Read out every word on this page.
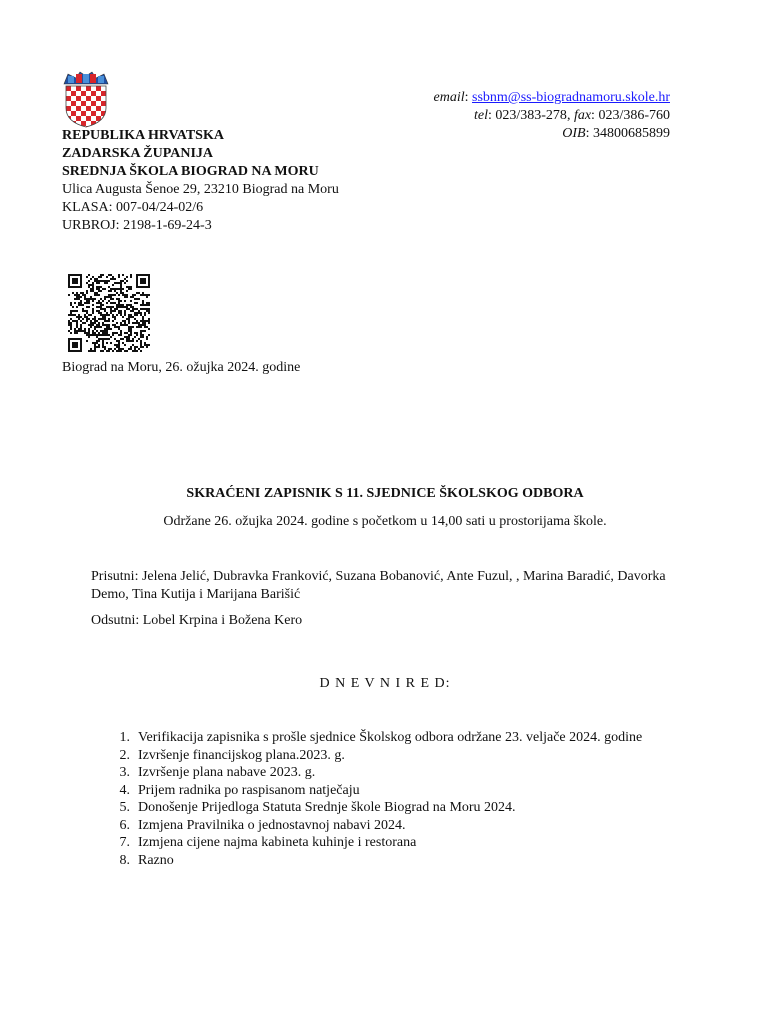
REPUBLIKA HRVATSKA
ZADARSKA ŽUPANIJA
SREDNJA ŠKOLA BIOGRAD NA MORU
Ulica Augusta Šenoe 29, 23210 Biograd na Moru
KLASA: 007-04/24-02/6
URBROJ: 2198-1-69-24-3
email: ssbnm@ss-biogradnamoru.skole.hr
tel: 023/383-278, fax: 023/386-760
OIB: 34800685899
Biograd na Moru, 26. ožujka 2024. godine
SKRAĆENI ZAPISNIK S 11. SJEDNICE ŠKOLSKOG ODBORA
Održane 26. ožujka 2024. godine s početkom u 14,00 sati u prostorijama škole.
Prisutni: Jelena Jelić, Dubravka Franković, Suzana Bobanović, Ante Fuzul, , Marina Baradić, Davorka Demo, Tina Kutija i Marijana Barišić
Odsutni: Lobel Krpina i Božena Kero
D N E V N I R E D:
1. Verifikacija zapisnika s prošle sjednice Školskog odbora održane 23. veljače 2024. godine
2. Izvršenje financijskog plana.2023. g.
3. Izvršenje plana nabave 2023. g.
4. Prijem radnika po raspisanom natječaju
5. Donošenje Prijedloga Statuta Srednje škole Biograd na Moru 2024.
6. Izmjena Pravilnika o jednostavnoj nabavi 2024.
7. Izmjena cijene najma kabineta kuhinje i restorana
8. Razno
